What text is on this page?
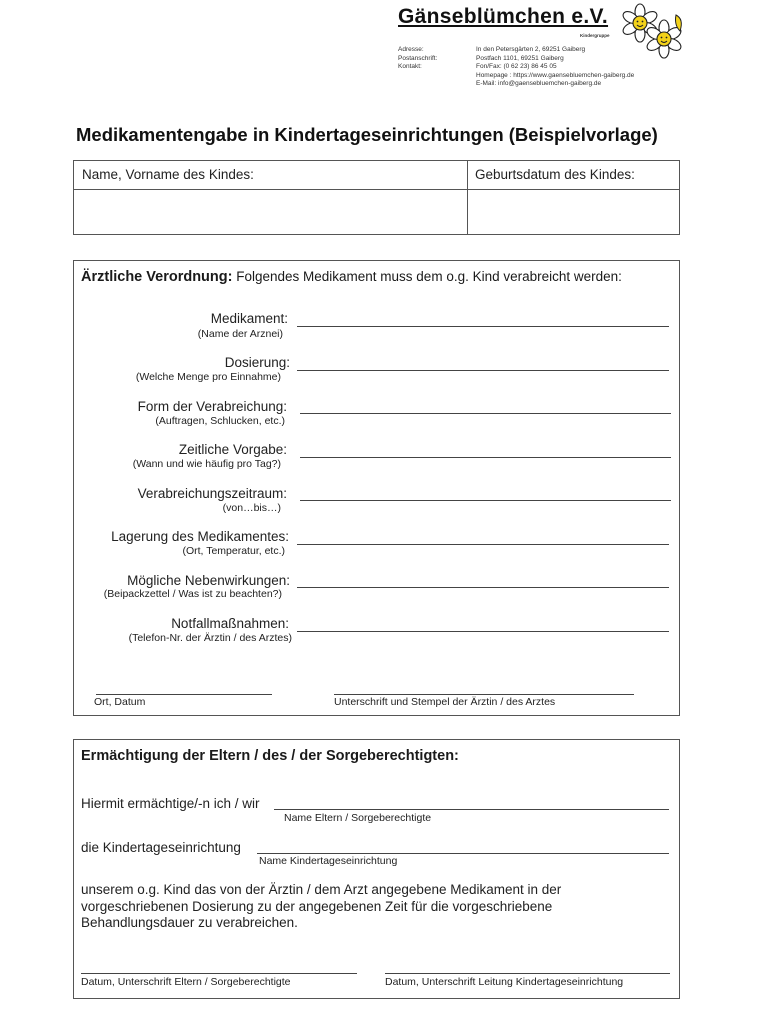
Gänseblümchen e.V.
Kindergruppe
Adresse:
Postanschrift:
Kontakt:
In den Petersgärten 2, 69251 Gaiberg
Postfach 1101, 69251 Gaiberg
Fon/Fax: (0 62 23) 86 45 05
Homepage : https://www.gaensebluemchen-gaiberg.de
E-Mail: info@gaensebluemchen-gaiberg.de
Medikamentengabe in Kindertageseinrichtungen (Beispielvorlage)
Name, Vorname des Kindes:	Geburtsdatum des Kindes:
Ärztliche Verordnung: Folgendes Medikament muss dem o.g. Kind verabreicht werden:
Medikament:
(Name der Arznei)
Dosierung:
(Welche Menge pro Einnahme)
Form der Verabreichung:
(Auftragen, Schlucken, etc.)
Zeitliche Vorgabe:
(Wann und wie häufig pro Tag?)
Verabreichungszeitraum:
(von…bis…)
Lagerung des Medikamentes:
(Ort, Temperatur, etc.)
Mögliche Nebenwirkungen:
(Beipackzettel / Was ist zu beachten?)
Notfallmaßnahmen:
(Telefon-Nr. der Ärztin / des Arztes)
Ort, Datum	Unterschrift und Stempel der Ärztin / des Arztes
Ermächtigung der Eltern / des / der Sorgeberechtigten:
Hiermit ermächtige/-n ich / wir
Name Eltern / Sorgeberechtigte
die Kindertageseinrichtung
Name Kindertageseinrichtung
unserem o.g. Kind das von der Ärztin / dem Arzt angegebene Medikament in der
vorgeschriebenen Dosierung zu der angegebenen Zeit für die vorgeschriebene
Behandlungsdauer zu verabreichen.
Datum, Unterschrift Eltern / Sorgeberechtigte	Datum, Unterschrift Leitung Kindertageseinrichtung
